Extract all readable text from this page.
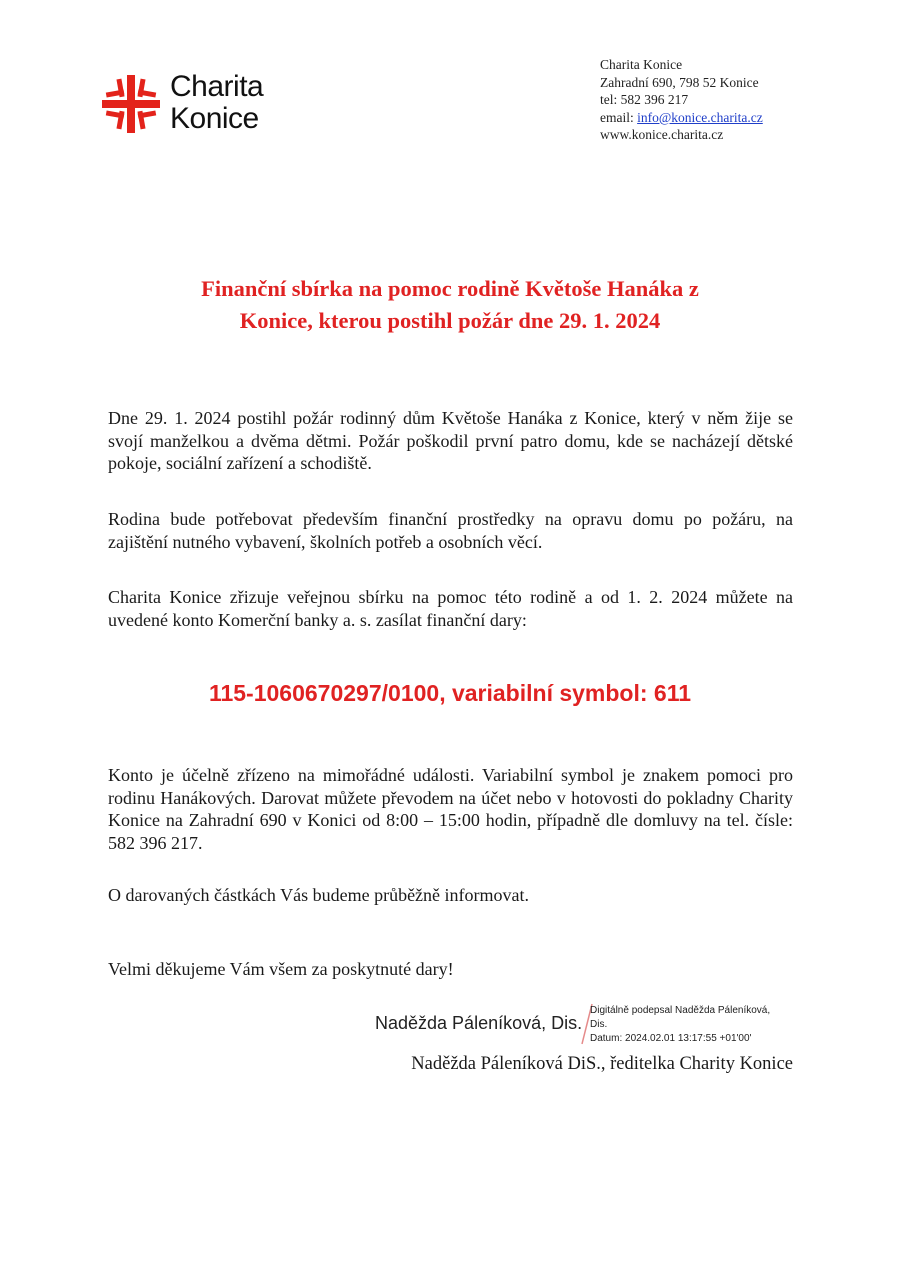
Charita
Konice
Charita Konice
Zahradní 690, 798 52 Konice
tel: 582 396 217
email: info@konice.charita.cz
www.konice.charita.cz
Finanční sbírka na pomoc rodině Květoše Hanáka z
Konice, kterou postihl požár dne 29. 1. 2024
Dne 29. 1. 2024 postihl požár rodinný dům Květoše Hanáka z Konice, který v něm žije se svojí manželkou a dvěma dětmi. Požár poškodil první patro domu, kde se nacházejí dětské pokoje, sociální zařízení a schodiště.
Rodina bude potřebovat především finanční prostředky na opravu domu po požáru, na zajištění nutného vybavení, školních potřeb a osobních věcí.
Charita Konice zřizuje veřejnou sbírku na pomoc této rodině a od 1. 2. 2024 můžete na uvedené konto Komerční banky a. s. zasílat finanční dary:
115-1060670297/0100, variabilní symbol: 611
Konto je účelně zřízeno na mimořádné události. Variabilní symbol je znakem pomoci pro rodinu Hanákových. Darovat můžete převodem na účet nebo v hotovosti do pokladny Charity Konice na Zahradní 690 v Konici od 8:00 – 15:00 hodin, případně dle domluvy na tel. čísle: 582 396 217.
O darovaných částkách Vás budeme průběžně informovat.
Velmi děkujeme Vám všem za poskytnuté dary!
Naděžda Páleníková, Dis.
Digitálně podepsal Naděžda Páleníková,
Dis.
Datum: 2024.02.01 13:17:55 +01'00'
Naděžda Páleníková DiS., ředitelka Charity Konice
